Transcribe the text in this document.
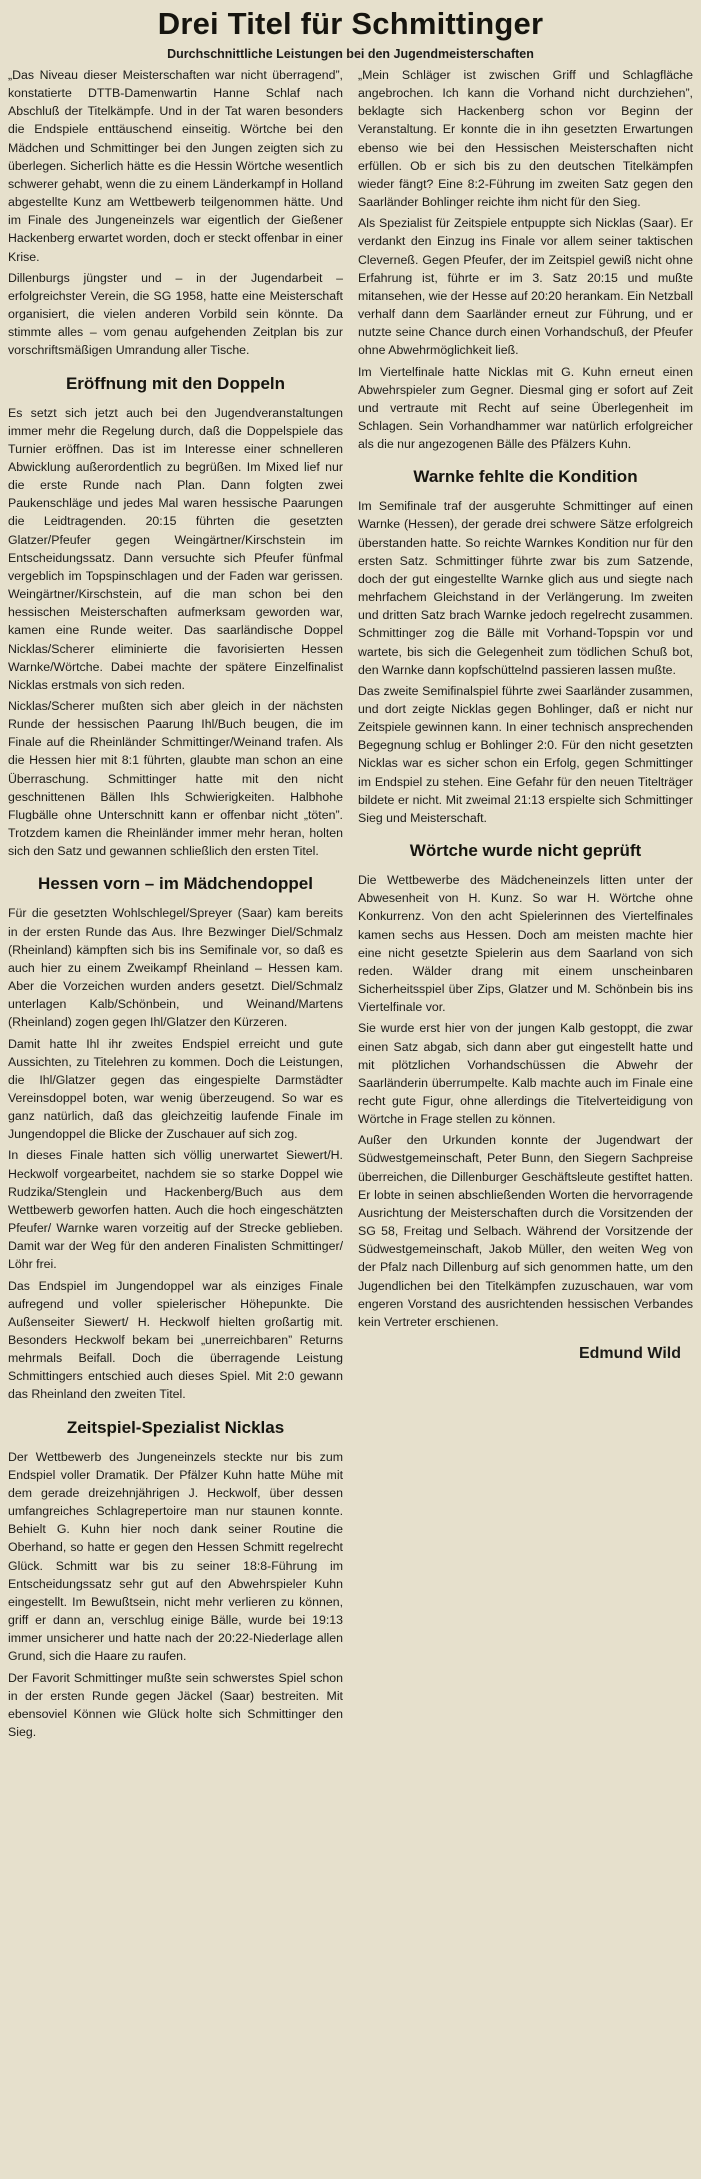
Drei Titel für Schmittinger
Durchschnittliche Leistungen bei den Jugendmeisterschaften

„Das Niveau dieser Meisterschaften war nicht überragend”, konstatierte DTTB-Damenwartin Hanne Schlaf nach Abschluß der Titelkämpfe. Und in der Tat waren besonders die Endspiele enttäuschend einseitig. Wörtche bei den Mädchen und Schmittinger bei den Jungen zeigten sich zu überlegen. Sicherlich hätte es die Hessin Wörtche wesentlich schwerer gehabt, wenn die zu einem Länderkampf in Holland abgestellte Kunz am Wettbewerb teilgenommen hätte. Und im Finale des Jungeneinzels war eigentlich der Gießener Hackenberg erwartet worden, doch er steckt offenbar in einer Krise.

Dillenburgs jüngster und – in der Jugendarbeit – erfolgreichster Verein, die SG 1958, hatte eine Meisterschaft organisiert, die vielen anderen Vorbild sein könnte. Da stimmte alles – vom genau aufgehenden Zeitplan bis zur vorschriftsmäßigen Umrandung aller Tische.

Eröffnung mit den Doppeln

Es setzt sich jetzt auch bei den Jugendveranstaltungen immer mehr die Regelung durch, daß die Doppelspiele das Turnier eröffnen. Das ist im Interesse einer schnelleren Abwicklung außerordentlich zu begrüßen. Im Mixed lief nur die erste Runde nach Plan. Dann folgten zwei Paukenschläge und jedes Mal waren hessische Paarungen die Leidtragenden. 20:15 führten die gesetzten Glatzer/Pfeufer gegen Weingärtner/Kirschstein im Entscheidungssatz. Dann versuchte sich Pfeufer fünfmal vergeblich im Topspinschlagen und der Faden war gerissen. Weingärtner/Kirschstein, auf die man schon bei den hessischen Meisterschaften aufmerksam geworden war, kamen eine Runde weiter. Das saarländische Doppel Nicklas/Scherer eliminierte die favorisierten Hessen Warnke/Wörtche. Dabei machte der spätere Einzelfinalist Nicklas erstmals von sich reden.

Nicklas/Scherer mußten sich aber gleich in der nächsten Runde der hessischen Paarung Ihl/Buch beugen, die im Finale auf die Rheinländer Schmittinger/Weinand trafen. Als die Hessen hier mit 8:1 führten, glaubte man schon an eine Überraschung. Schmittinger hatte mit den nicht geschnittenen Bällen Ihls Schwierigkeiten. Halbhohe Flugbälle ohne Unterschnitt kann er offenbar nicht „töten”. Trotzdem kamen die Rheinländer immer mehr heran, holten sich den Satz und gewannen schließlich den ersten Titel.

Hessen vorn – im Mädchendoppel

Für die gesetzten Wohlschlegel/Spreyer (Saar) kam bereits in der ersten Runde das Aus. Ihre Bezwinger Diel/Schmalz (Rheinland) kämpften sich bis ins Semifinale vor, so daß es auch hier zu einem Zweikampf Rheinland – Hessen kam. Aber die Vorzeichen wurden anders gesetzt. Diel/Schmalz unterlagen Kalb/Schönbein, und Weinand/Martens (Rheinland) zogen gegen Ihl/Glatzer den Kürzeren.

Damit hatte Ihl ihr zweites Endspiel erreicht und gute Aussichten, zu Titelehren zu kommen. Doch die Leistungen, die Ihl/Glatzer gegen das eingespielte Darmstädter Vereinsdoppel boten, war wenig überzeugend. So war es ganz natürlich, daß das gleichzeitig laufende Finale im Jungendoppel die Blicke der Zuschauer auf sich zog.

In dieses Finale hatten sich völlig unerwartet Siewert/H. Heckwolf vorgearbeitet, nachdem sie so starke Doppel wie Rudzika/Stenglein und Hackenberg/Buch aus dem Wettbewerb geworfen hatten. Auch die hoch eingeschätzten Pfeufer/ Warnke waren vorzeitig auf der Strecke geblieben. Damit war der Weg für den anderen Finalisten Schmittinger/ Löhr frei.

Das Endspiel im Jungendoppel war als einziges Finale aufregend und voller spielerischer Höhepunkte. Die Außenseiter Siewert/ H. Heckwolf hielten großartig mit. Besonders Heckwolf bekam bei „unerreichbaren” Returns mehrmals Beifall. Doch die überragende Leistung Schmittingers entschied auch dieses Spiel. Mit 2:0 gewann das Rheinland den zweiten Titel.

Zeitspiel-Spezialist Nicklas

Der Wettbewerb des Jungeneinzels steckte nur bis zum Endspiel voller Dramatik. Der Pfälzer Kuhn hatte Mühe mit dem gerade dreizehnjährigen J. Heckwolf, über dessen umfangreiches Schlagrepertoire man nur staunen konnte. Behielt G. Kuhn hier noch dank seiner Routine die Oberhand, so hatte er gegen den Hessen Schmitt regelrecht Glück. Schmitt war bis zu seiner 18:8-Führung im Entscheidungssatz sehr gut auf den Abwehrspieler Kuhn eingestellt. Im Bewußtsein, nicht mehr verlieren zu können, griff er dann an, verschlug einige Bälle, wurde bei 19:13 immer unsicherer und hatte nach der 20:22-Niederlage allen Grund, sich die Haare zu raufen.

Der Favorit Schmittinger mußte sein schwerstes Spiel schon in der ersten Runde gegen Jäckel (Saar) bestreiten. Mit ebensoviel Können wie Glück holte sich Schmittinger den Sieg.

„Mein Schläger ist zwischen Griff und Schlagfläche angebrochen. Ich kann die Vorhand nicht durchziehen”, beklagte sich Hackenberg schon vor Beginn der Veranstaltung. Er konnte die in ihn gesetzten Erwartungen ebenso wie bei den Hessischen Meisterschaften nicht erfüllen. Ob er sich bis zu den deutschen Titelkämpfen wieder fängt? Eine 8:2-Führung im zweiten Satz gegen den Saarländer Bohlinger reichte ihm nicht für den Sieg.

Als Spezialist für Zeitspiele entpuppte sich Nicklas (Saar). Er verdankt den Einzug ins Finale vor allem seiner taktischen Cleverneß. Gegen Pfeufer, der im Zeitspiel gewiß nicht ohne Erfahrung ist, führte er im 3. Satz 20:15 und mußte mitansehen, wie der Hesse auf 20:20 herankam. Ein Netzball verhalf dann dem Saarländer erneut zur Führung, und er nutzte seine Chance durch einen Vorhandschuß, der Pfeufer ohne Abwehrmöglichkeit ließ.

Im Viertelfinale hatte Nicklas mit G. Kuhn erneut einen Abwehrspieler zum Gegner. Diesmal ging er sofort auf Zeit und vertraute mit Recht auf seine Überlegenheit im Schlagen. Sein Vorhandhammer war natürlich erfolgreicher als die nur angezogenen Bälle des Pfälzers Kuhn.

Warnke fehlte die Kondition

Im Semifinale traf der ausgeruhte Schmittinger auf einen Warnke (Hessen), der gerade drei schwere Sätze erfolgreich überstanden hatte. So reichte Warnkes Kondition nur für den ersten Satz. Schmittinger führte zwar bis zum Satzende, doch der gut eingestellte Warnke glich aus und siegte nach mehrfachem Gleichstand in der Verlängerung. Im zweiten und dritten Satz brach Warnke jedoch regelrecht zusammen. Schmittinger zog die Bälle mit Vorhand-Topspin vor und wartete, bis sich die Gelegenheit zum tödlichen Schuß bot, den Warnke dann kopfschüttelnd passieren lassen mußte.

Das zweite Semifinalspiel führte zwei Saarländer zusammen, und dort zeigte Nicklas gegen Bohlinger, daß er nicht nur Zeitspiele gewinnen kann. In einer technisch ansprechenden Begegnung schlug er Bohlinger 2:0. Für den nicht gesetzten Nicklas war es sicher schon ein Erfolg, gegen Schmittinger im Endspiel zu stehen. Eine Gefahr für den neuen Titelträger bildete er nicht. Mit zweimal 21:13 erspielte sich Schmittinger Sieg und Meisterschaft.

Wörtche wurde nicht geprüft

Die Wettbewerbe des Mädcheneinzels litten unter der Abwesenheit von H. Kunz. So war H. Wörtche ohne Konkurrenz. Von den acht Spielerinnen des Viertelfinales kamen sechs aus Hessen. Doch am meisten machte hier eine nicht gesetzte Spielerin aus dem Saarland von sich reden. Wälder drang mit einem unscheinbaren Sicherheitsspiel über Zips, Glatzer und M. Schönbein bis ins Viertelfinale vor.

Sie wurde erst hier von der jungen Kalb gestoppt, die zwar einen Satz abgab, sich dann aber gut eingestellt hatte und mit plötzlichen Vorhandschüssen die Abwehr der Saarländerin überrumpelte. Kalb machte auch im Finale eine recht gute Figur, ohne allerdings die Titelverteidigung von Wörtche in Frage stellen zu können.

Außer den Urkunden konnte der Jugendwart der Südwestgemeinschaft, Peter Bunn, den Siegern Sachpreise überreichen, die Dillenburger Geschäftsleute gestiftet hatten. Er lobte in seinen abschließenden Worten die hervorragende Ausrichtung der Meisterschaften durch die Vorsitzenden der SG 58, Freitag und Selbach. Während der Vorsitzende der Südwestgemeinschaft, Jakob Müller, den weiten Weg von der Pfalz nach Dillenburg auf sich genommen hatte, um den Jugendlichen bei den Titelkämpfen zuzuschauen, war vom engeren Vorstand des ausrichtenden hessischen Verbandes kein Vertreter erschienen.

Edmund Wild
